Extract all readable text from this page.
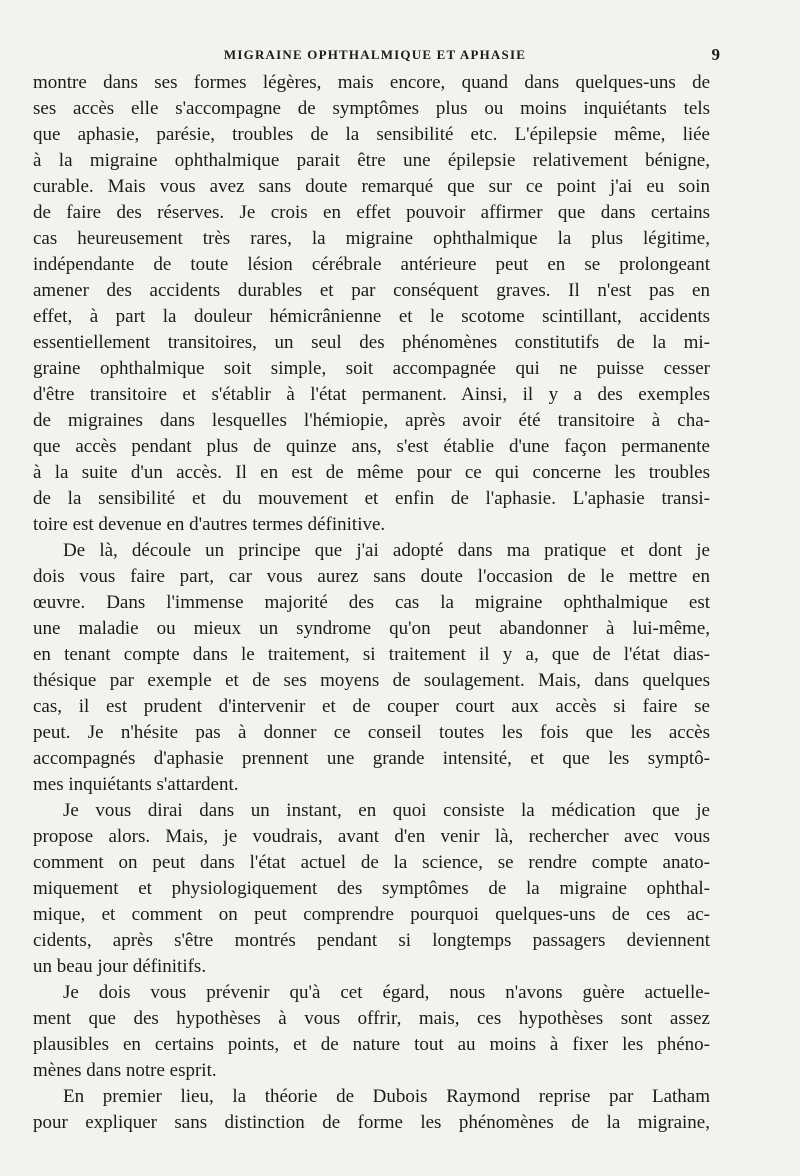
MIGRAINE OPHTHALMIQUE ET APHASIE	9

montre dans ses formes légères, mais encore, quand dans quelques-uns de
ses accès elle s'accompagne de symptômes plus ou moins inquiétants tels
que aphasie, parésie, troubles de la sensibilité etc. L'épilepsie même, liée
à la migraine ophthalmique parait être une épilepsie relativement bénigne,
curable. Mais vous avez sans doute remarqué que sur ce point j'ai eu soin
de faire des réserves. Je crois en effet pouvoir affirmer que dans certains
cas heureusement très rares, la migraine ophthalmique la plus légitime,
indépendante de toute lésion cérébrale antérieure peut en se prolongeant
amener des accidents durables et par conséquent graves. Il n'est pas en
effet, à part la douleur hémicrânienne et le scotome scintillant, accidents
essentiellement transitoires, un seul des phénomènes constitutifs de la mi-
graine ophthalmique soit simple, soit accompagnée qui ne puisse cesser
d'être transitoire et s'établir à l'état permanent. Ainsi, il y a des exemples
de migraines dans lesquelles l'hémiopie, après avoir été transitoire à cha-
que accès pendant plus de quinze ans, s'est établie d'une façon permanente
à la suite d'un accès. Il en est de même pour ce qui concerne les troubles
de la sensibilité et du mouvement et enfin de l'aphasie. L'aphasie transi-
toire est devenue en d'autres termes définitive.

De là, découle un principe que j'ai adopté dans ma pratique et dont je
dois vous faire part, car vous aurez sans doute l'occasion de le mettre en
œuvre. Dans l'immense majorité des cas la migraine ophthalmique est
une maladie ou mieux un syndrome qu'on peut abandonner à lui-même,
en tenant compte dans le traitement, si traitement il y a, que de l'état dias-
thésique par exemple et de ses moyens de soulagement. Mais, dans quelques
cas, il est prudent d'intervenir et de couper court aux accès si faire se
peut. Je n'hésite pas à donner ce conseil toutes les fois que les accès
accompagnés d'aphasie prennent une grande intensité, et que les symptô-
mes inquiétants s'attardent.

Je vous dirai dans un instant, en quoi consiste la médication que je
propose alors. Mais, je voudrais, avant d'en venir là, rechercher avec vous
comment on peut dans l'état actuel de la science, se rendre compte anato-
miquement et physiologiquement des symptômes de la migraine ophthal-
mique, et comment on peut comprendre pourquoi quelques-uns de ces ac-
cidents, après s'être montrés pendant si longtemps passagers deviennent
un beau jour définitifs.

Je dois vous prévenir qu'à cet égard, nous n'avons guère actuelle-
ment que des hypothèses à vous offrir, mais, ces hypothèses sont assez
plausibles en certains points, et de nature tout au moins à fixer les phéno-
mènes dans notre esprit.

En premier lieu, la théorie de Dubois Raymond reprise par Latham
pour expliquer sans distinction de forme les phénomènes de la migraine,
